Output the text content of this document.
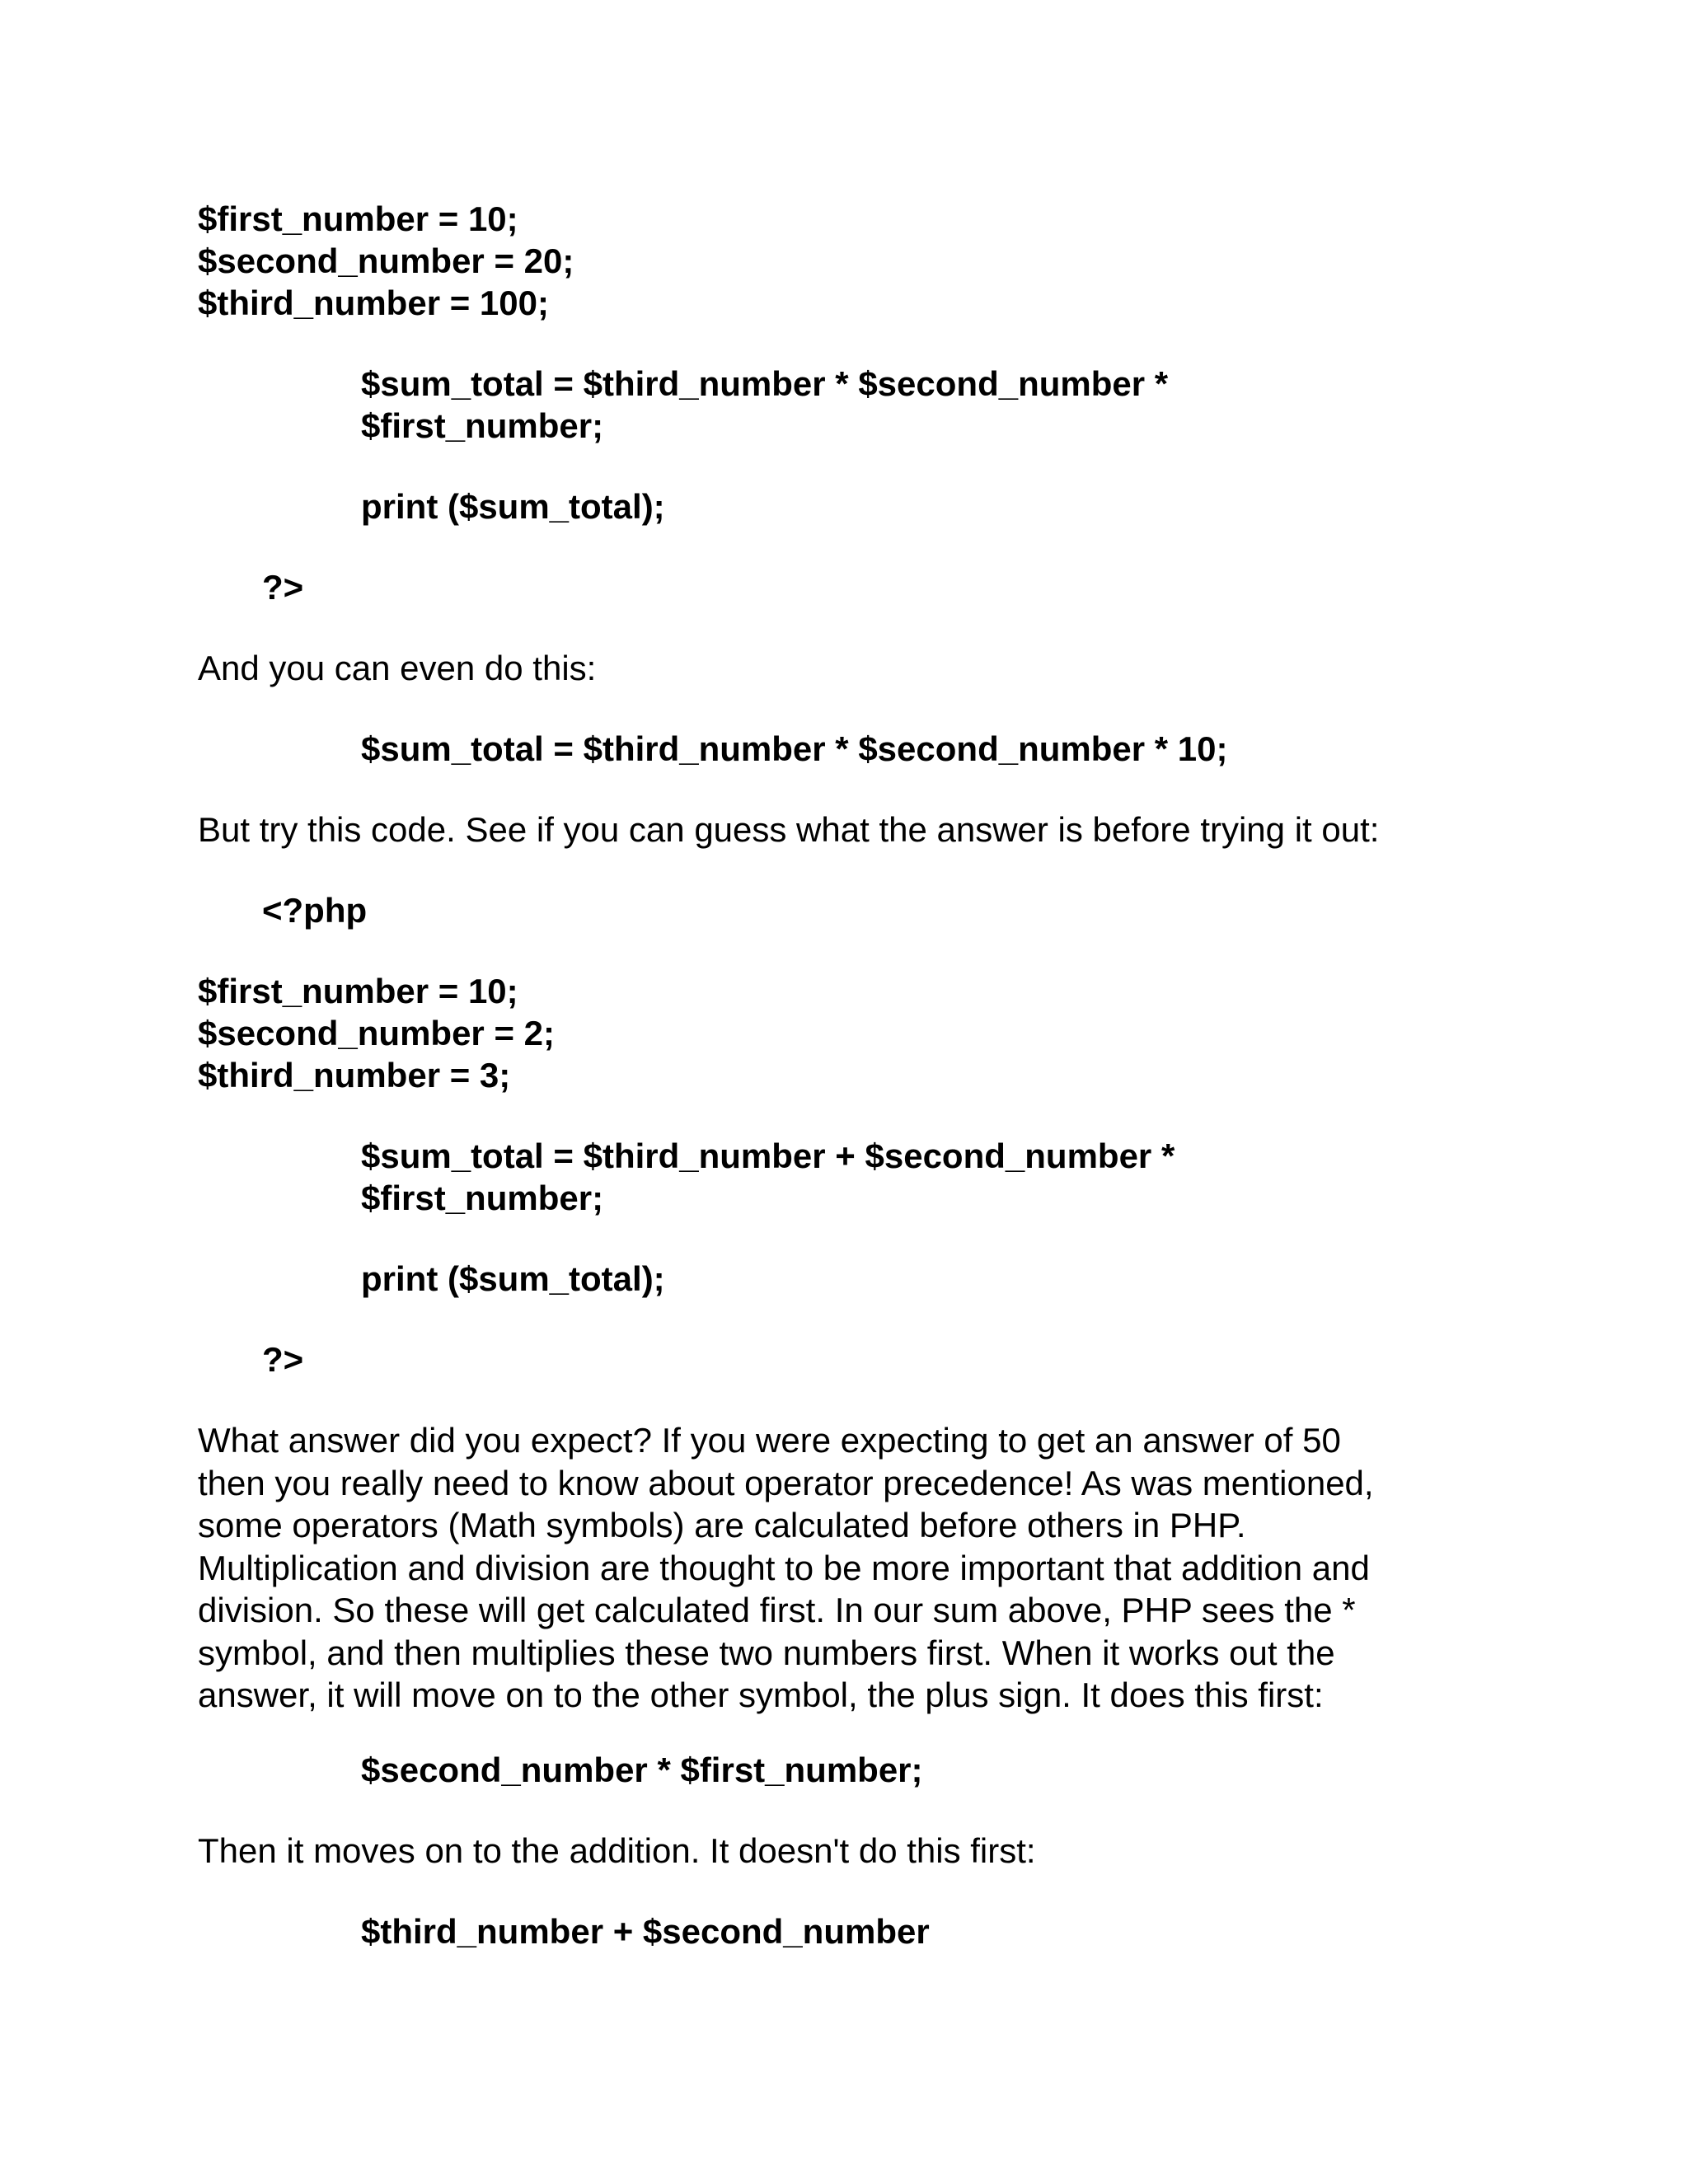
$first_number = 10;

$second_number = 20;

$third_number = 100;

$sum_total = $third_number * $second_number *

$first_number;

print ($sum_total);

?>

And you can even do this:

$sum_total = $third_number * $second_number * 10;

But try this code. See if you can guess what the answer is before trying it out:

<?php

$first_number = 10;

$second_number = 2;

$third_number = 3;

$sum_total = $third_number + $second_number *

$first_number;

print ($sum_total);

?>

What answer did you expect? If you were expecting to get an answer of 50
then you really need to know about operator precedence! As was mentioned,
some operators (Math symbols) are calculated before others in PHP.
Multiplication and division are thought to be more important that addition and
division. So these will get calculated first. In our sum above, PHP sees the *
symbol, and then multiplies these two numbers first. When it works out the
answer, it will move on to the other symbol, the plus sign. It does this first:

$second_number * $first_number;

Then it moves on to the addition. It doesn't do this first:

$third_number + $second_number
